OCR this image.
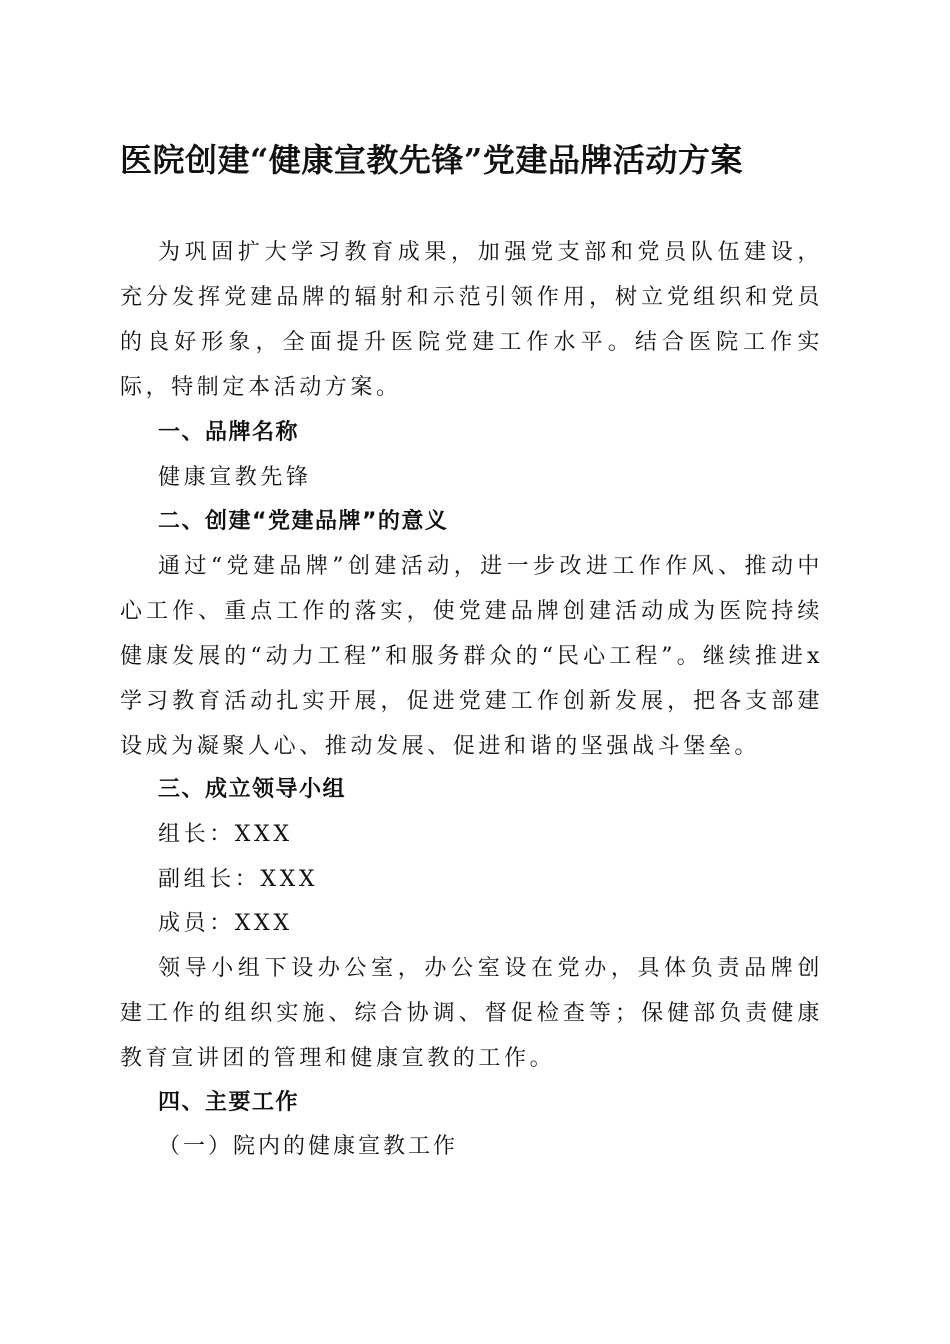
医院创建“健康宣教先锋”党建品牌活动方案
为巩固扩大学习教育成果，加强党支部和党员队伍建设，充分发挥党建品牌的辐射和示范引领作用，树立党组织和党员的良好形象，全面提升医院党建工作水平。结合医院工作实际，特制定本活动方案。
一、品牌名称
健康宣教先锋
二、创建“党建品牌”的意义
通过“党建品牌”创建活动，进一步改进工作作风、推动中心工作、重点工作的落实，使党建品牌创建活动成为医院持续健康发展的“动力工程”和服务群众的“民心工程”。继续推进x学习教育活动扎实开展，促进党建工作创新发展，把各支部建设成为凝聚人心、推动发展、促进和谐的坚强战斗堡垒。
三、成立领导小组
组长：XXX
副组长：XXX
成员：XXX
领导小组下设办公室，办公室设在党办，具体负责品牌创建工作的组织实施、综合协调、督促检查等；保健部负责健康教育宣讲团的管理和健康宣教的工作。
四、主要工作
（一）院内的健康宣教工作
